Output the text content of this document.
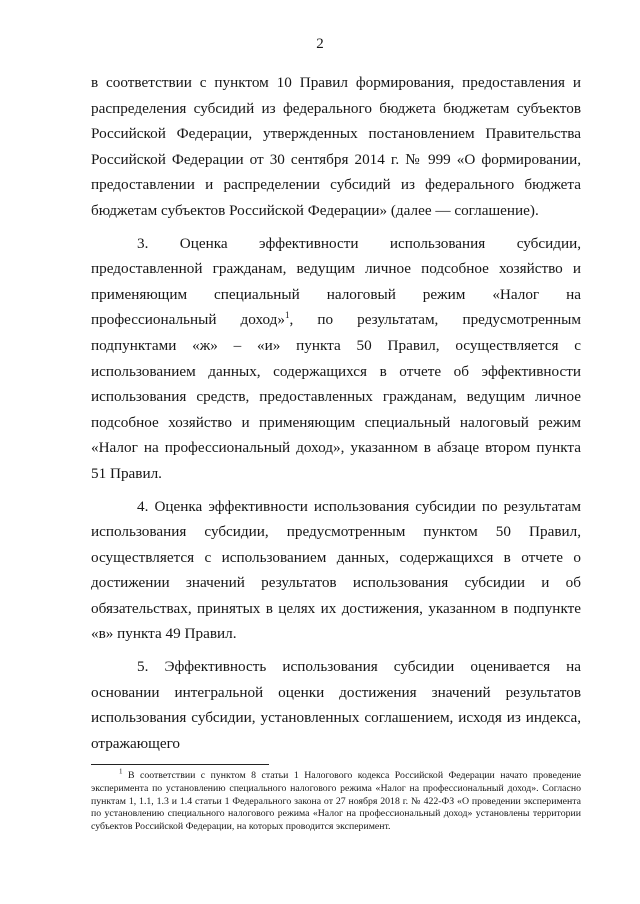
2

в соответствии с пунктом 10 Правил формирования, предоставления и распределения субсидий из федерального бюджета бюджетам субъектов Российской Федерации, утвержденных постановлением Правительства Российской Федерации от 30 сентября 2014 г. № 999 «О формировании, предоставлении и распределении субсидий из федерального бюджета бюджетам субъектов Российской Федерации» (далее — соглашение).

3. Оценка эффективности использования субсидии, предоставленной гражданам, ведущим личное подсобное хозяйство и применяющим специальный налоговый режим «Налог на профессиональный доход»$^1$, по результатам, предусмотренным подпунктами «ж» – «и» пункта 50 Правил, осуществляется с использованием данных, содержащихся в отчете об эффективности использования средств, предоставленных гражданам, ведущим личное подсобное хозяйство и применяющим специальный налоговый режим «Налог на профессиональный доход», указанном в абзаце втором пункта 51 Правил.

4. Оценка эффективности использования субсидии по результатам использования субсидии, предусмотренным пунктом 50 Правил, осуществляется с использованием данных, содержащихся в отчете о достижении значений результатов использования субсидии и об обязательствах, принятых в целях их достижения, указанном в подпункте «в» пункта 49 Правил.

5. Эффективность использования субсидии оценивается на основании интегральной оценки достижения значений результатов использования субсидии, установленных соглашением, исходя из индекса, отражающего

$^1$ В соответствии с пунктом 8 статьи 1 Налогового кодекса Российской Федерации начато проведение эксперимента по установлению специального налогового режима «Налог на профессиональный доход». Согласно пунктам 1, 1.1, 1.3 и 1.4 статьи 1 Федерального закона от 27 ноября 2018 г. № 422-ФЗ «О проведении эксперимента по установлению специального налогового режима «Налог на профессиональный доход» установлены территории субъектов Российской Федерации, на которых проводится эксперимент.
